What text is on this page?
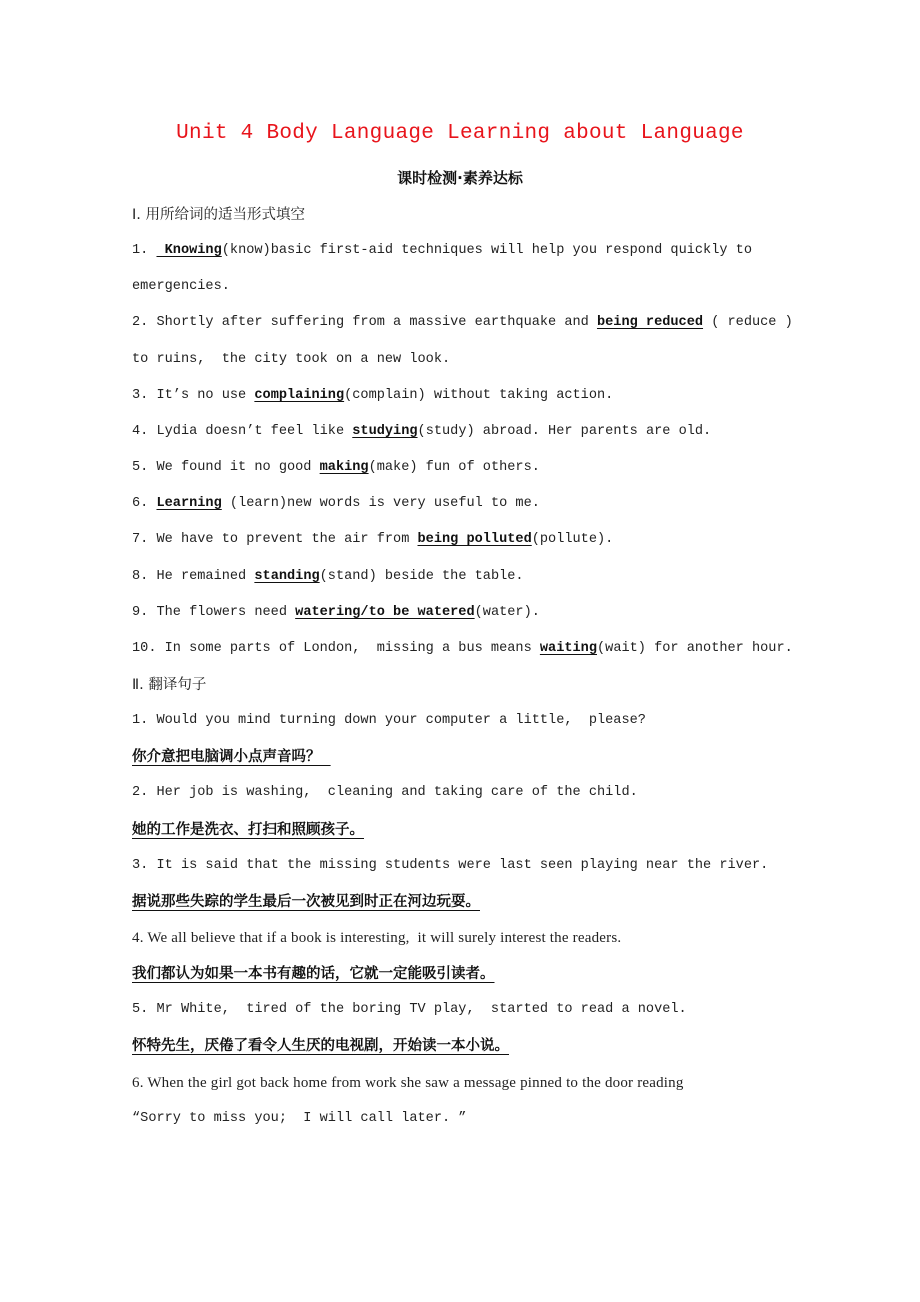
Unit 4 Body Language Learning about Language
课时检测·素养达标
Ⅰ. 用所给词的适当形式填空
1.  Knowing(know)basic first-aid techniques will help you respond quickly to
emergencies.
2. Shortly after suffering from a massive earthquake and being reduced ( reduce )
to ruins,  the city took on a new look.
3. It’s no use complaining(complain) without taking action.
4. Lydia doesn’t feel like studying(study) abroad. Her parents are old.
5. We found it no good making(make) fun of others.
6. Learning (learn)new words is very useful to me.
7. We have to prevent the air from being polluted(pollute).
8. He remained standing(stand) beside the table.
9. The flowers need watering/to be watered(water).
10. In some parts of London,  missing a bus means waiting(wait) for another hour.
Ⅱ. 翻译句子
1. Would you mind turning down your computer a little,  please?
你介意把电脑调小点声音吗？
2. Her job is washing,  cleaning and taking care of the child.
她的工作是洗衣、打扫和照顾孩子。
3. It is said that the missing students were last seen playing near the river.
据说那些失踪的学生最后一次被见到时正在河边玩耍。
4. We all believe that if a book is interesting,  it will surely interest the readers.
我们都认为如果一本书有趣的话，它就一定能吸引读者。
5. Mr White,  tired of the boring TV play,  started to read a novel.
怀特先生，厌倦了看令人生厌的电视剧，开始读一本小说。
6. When the girl got back home from work she saw a message pinned to the door reading
“Sorry to miss you;  I will call later. ”
